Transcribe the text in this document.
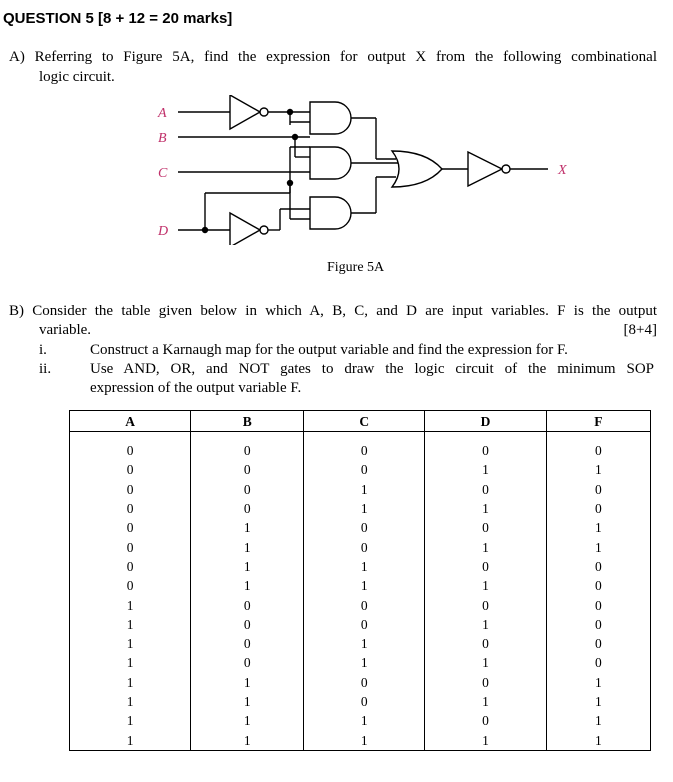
QUESTION 5 [8 + 12 = 20 marks]
A) Referring to Figure 5A, find the expression for output X from the following combinational
logic circuit.
A
B
C
D
X
Figure 5A
B) Consider the table given below in which A, B, C, and D are input variables. F is the output
variable.	[8+4]
i.	Construct a Karnaugh map for the output variable and find the expression for F.
ii.	Use AND, OR, and NOT gates to draw the logic circuit of the minimum SOP
expression of the output variable F.
A	B	C	D	F

0	0	0	0	0
0	0	0	1	1
0	0	1	0	0
0	0	1	1	0
0	1	0	0	1
0	1	0	1	1
0	1	1	0	0
0	1	1	1	0
1	0	0	0	0
1	0	0	1	0
1	0	1	0	0
1	0	1	1	0
1	1	0	0	1
1	1	0	1	1
1	1	1	0	1
1	1	1	1	1
